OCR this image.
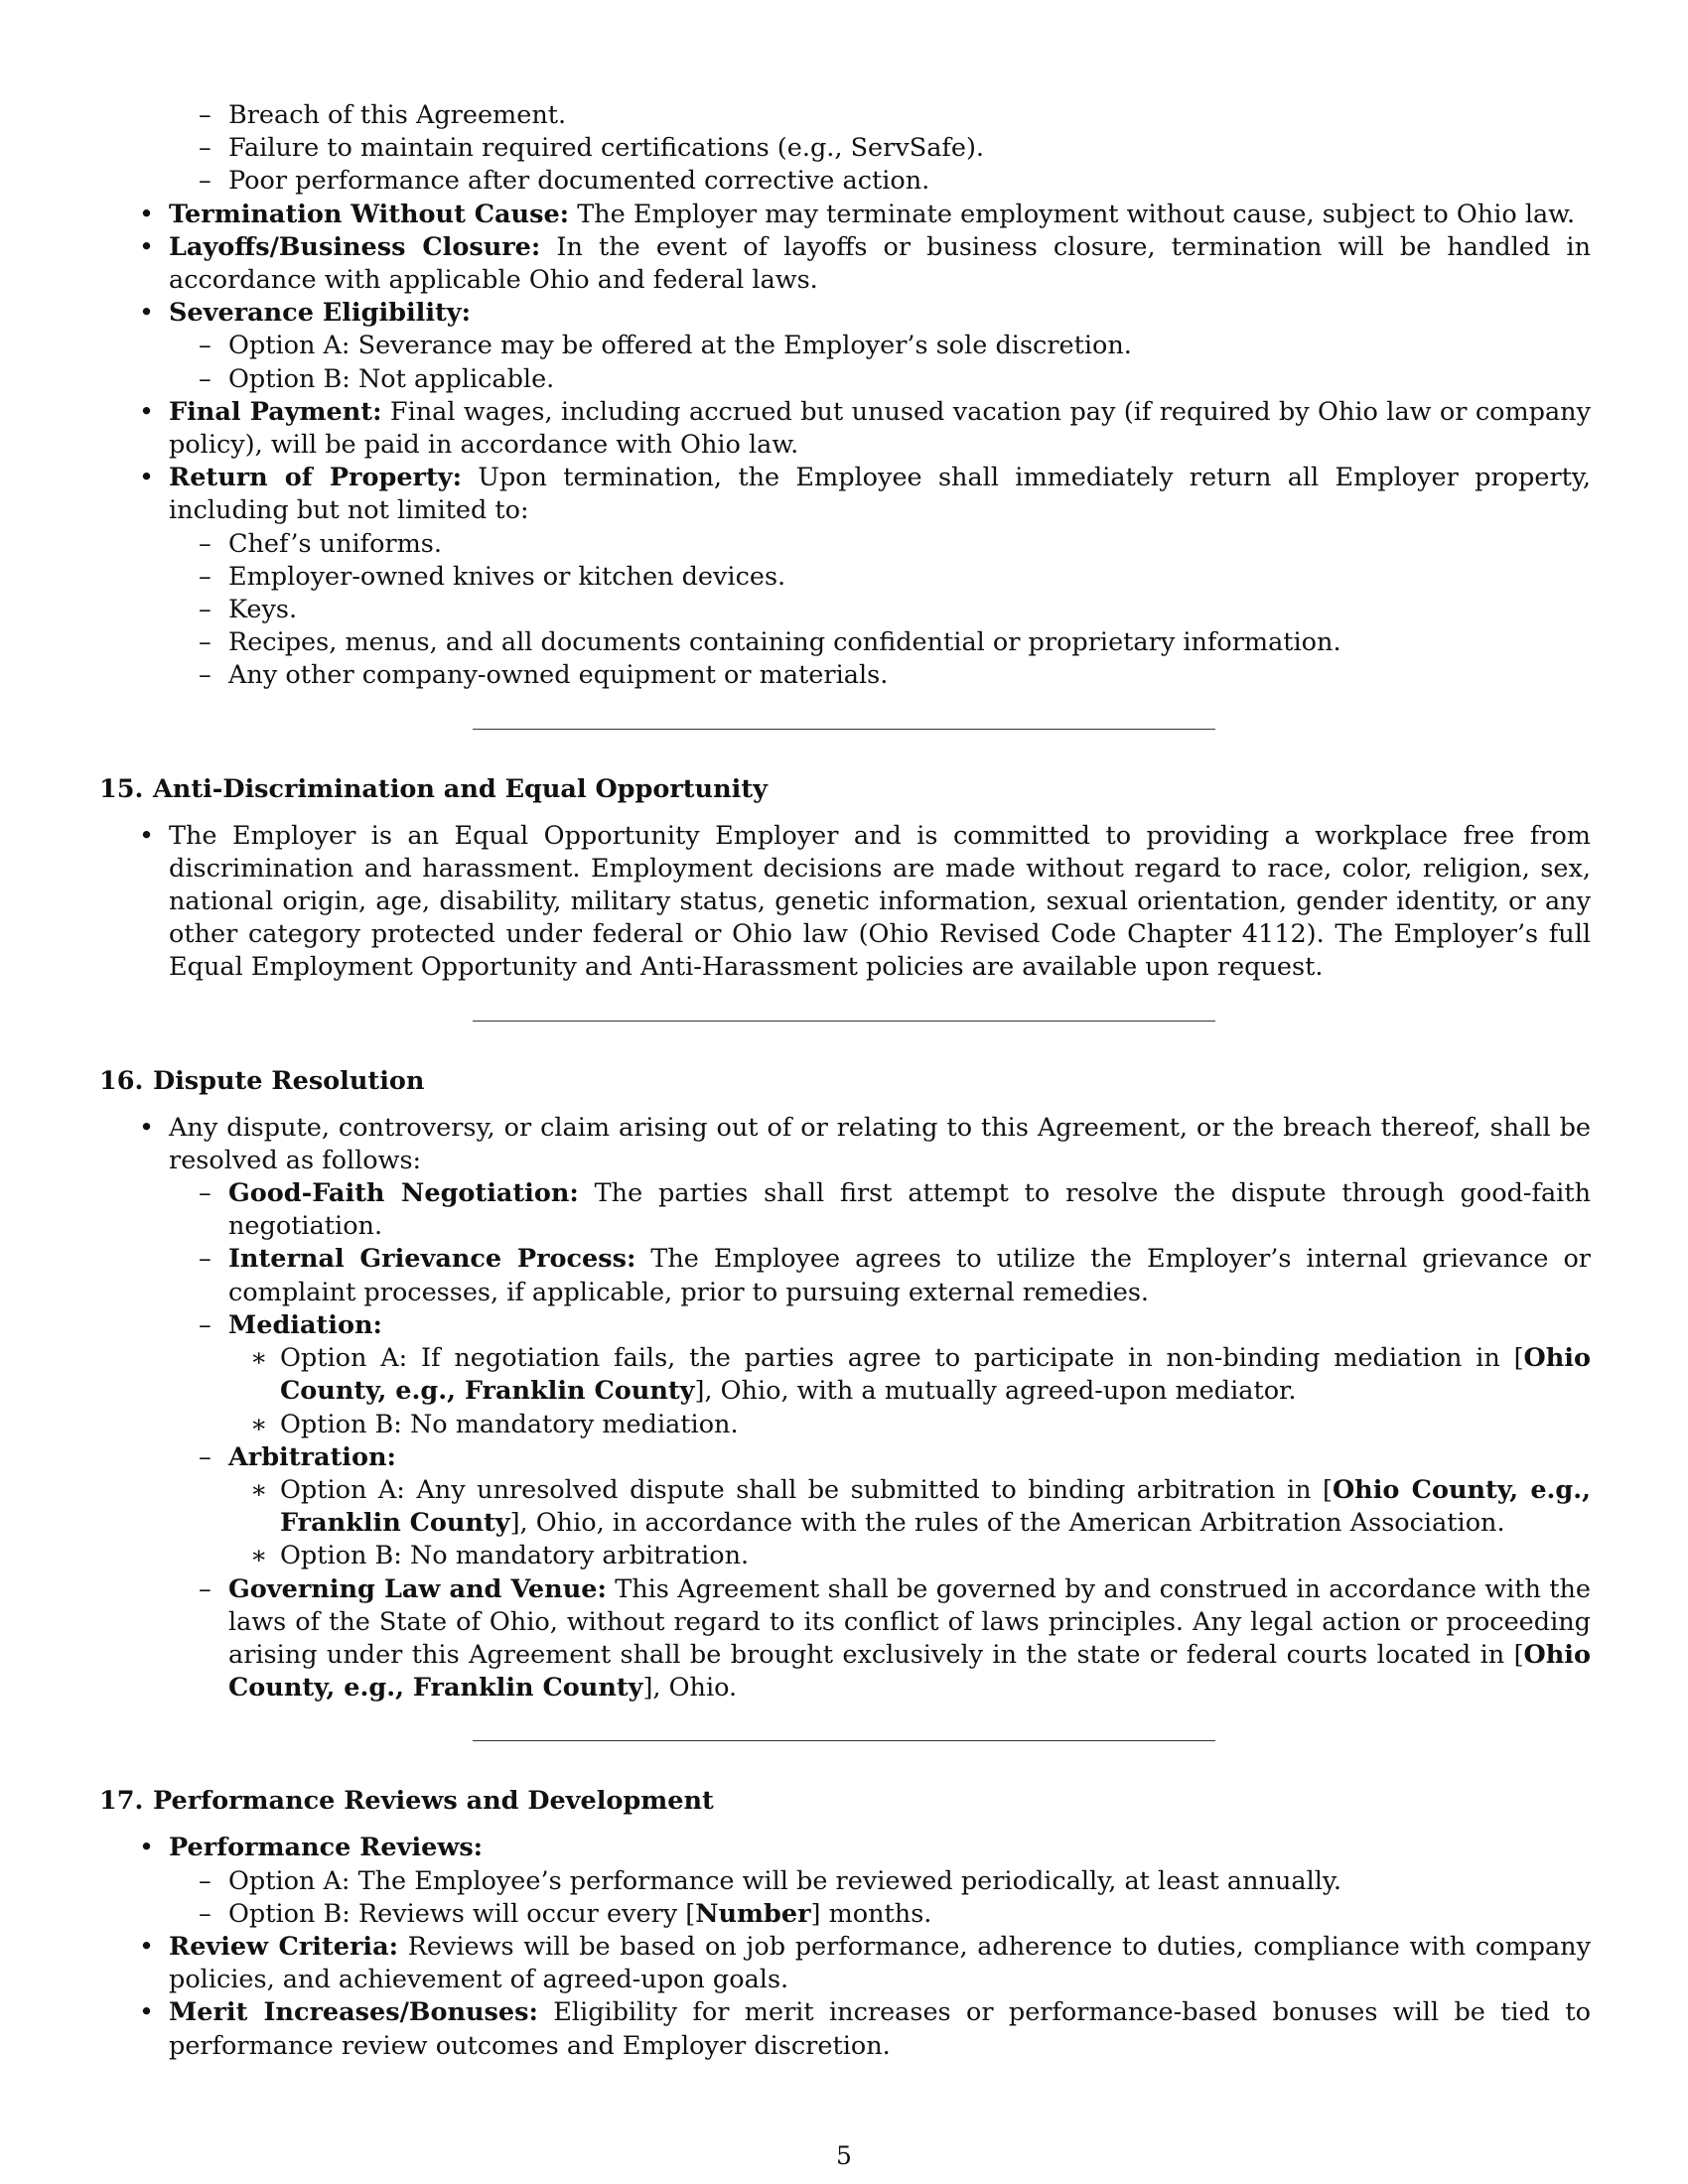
– Breach of this Agreement.
– Failure to maintain required certifications (e.g., ServSafe).
– Poor performance after documented corrective action.
• Termination Without Cause: The Employer may terminate employment without cause, subject to Ohio law.
• Layoffs/Business Closure: In the event of layoffs or business closure, termination will be handled in accordance with applicable Ohio and federal laws.
• Severance Eligibility:
– Option A: Severance may be offered at the Employer’s sole discretion.
– Option B: Not applicable.
• Final Payment: Final wages, including accrued but unused vacation pay (if required by Ohio law or company policy), will be paid in accordance with Ohio law.
• Return of Property: Upon termination, the Employee shall immediately return all Employer property, including but not limited to:
– Chef’s uniforms.
– Employer-owned knives or kitchen devices.
– Keys.
– Recipes, menus, and all documents containing confidential or proprietary information.
– Any other company-owned equipment or materials.
15. Anti-Discrimination and Equal Opportunity
• The Employer is an Equal Opportunity Employer and is committed to providing a workplace free from discrimination and harassment. Employment decisions are made without regard to race, color, religion, sex, national origin, age, disability, military status, genetic information, sexual orientation, gender identity, or any other category protected under federal or Ohio law (Ohio Revised Code Chapter 4112). The Employer’s full Equal Employment Opportunity and Anti-Harassment policies are available upon request.
16. Dispute Resolution
• Any dispute, controversy, or claim arising out of or relating to this Agreement, or the breach thereof, shall be resolved as follows:
– Good-Faith Negotiation: The parties shall first attempt to resolve the dispute through good-faith negotiation.
– Internal Grievance Process: The Employee agrees to utilize the Employer’s internal grievance or complaint processes, if applicable, prior to pursuing external remedies.
– Mediation:
∗ Option A: If negotiation fails, the parties agree to participate in non-binding mediation in [Ohio County, e.g., Franklin County], Ohio, with a mutually agreed-upon mediator.
∗ Option B: No mandatory mediation.
– Arbitration:
∗ Option A: Any unresolved dispute shall be submitted to binding arbitration in [Ohio County, e.g., Franklin County], Ohio, in accordance with the rules of the American Arbitration Association.
∗ Option B: No mandatory arbitration.
– Governing Law and Venue: This Agreement shall be governed by and construed in accordance with the laws of the State of Ohio, without regard to its conflict of laws principles. Any legal action or proceeding arising under this Agreement shall be brought exclusively in the state or federal courts located in [Ohio County, e.g., Franklin County], Ohio.
17. Performance Reviews and Development
• Performance Reviews:
– Option A: The Employee’s performance will be reviewed periodically, at least annually.
– Option B: Reviews will occur every [Number] months.
• Review Criteria: Reviews will be based on job performance, adherence to duties, compliance with company policies, and achievement of agreed-upon goals.
• Merit Increases/Bonuses: Eligibility for merit increases or performance-based bonuses will be tied to performance review outcomes and Employer discretion.
5
